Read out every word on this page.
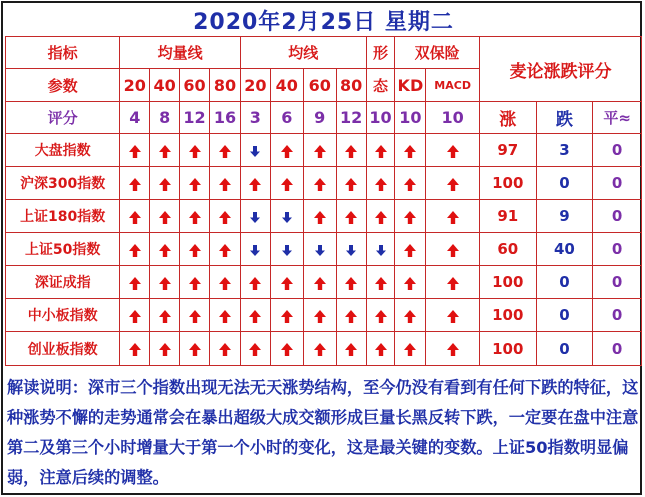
2020年2月25日 星期二														
指标	均量线				均线				形	双保险		麦论涨跌评分		
参数	20	40	60	80	20	40	60	80	态	KD	MACD			
评分	4	8	12	16	3	6	9	12	10	10	10	涨	跌	平≈
大盘指数												97	3	0
沪深300指数												100	0	0
上证180指数												91	9	0
上证50指数												60	40	0
深证成指												100	0	0
中小板指数												100	0	0
创业板指数												100	0	0
解读说明：深市三个指数出现无法无天涨势结构，至今仍没有看到有任何下跌的特征，这种涨势不懈的走势通常会在暴出超级大成交额形成巨量长黑反转下跌，一定要在盘中注意第二及第三个小时增量大于第一个小时的变化，这是最关键的变数。上证50指数明显偏弱，注意后续的调整。
